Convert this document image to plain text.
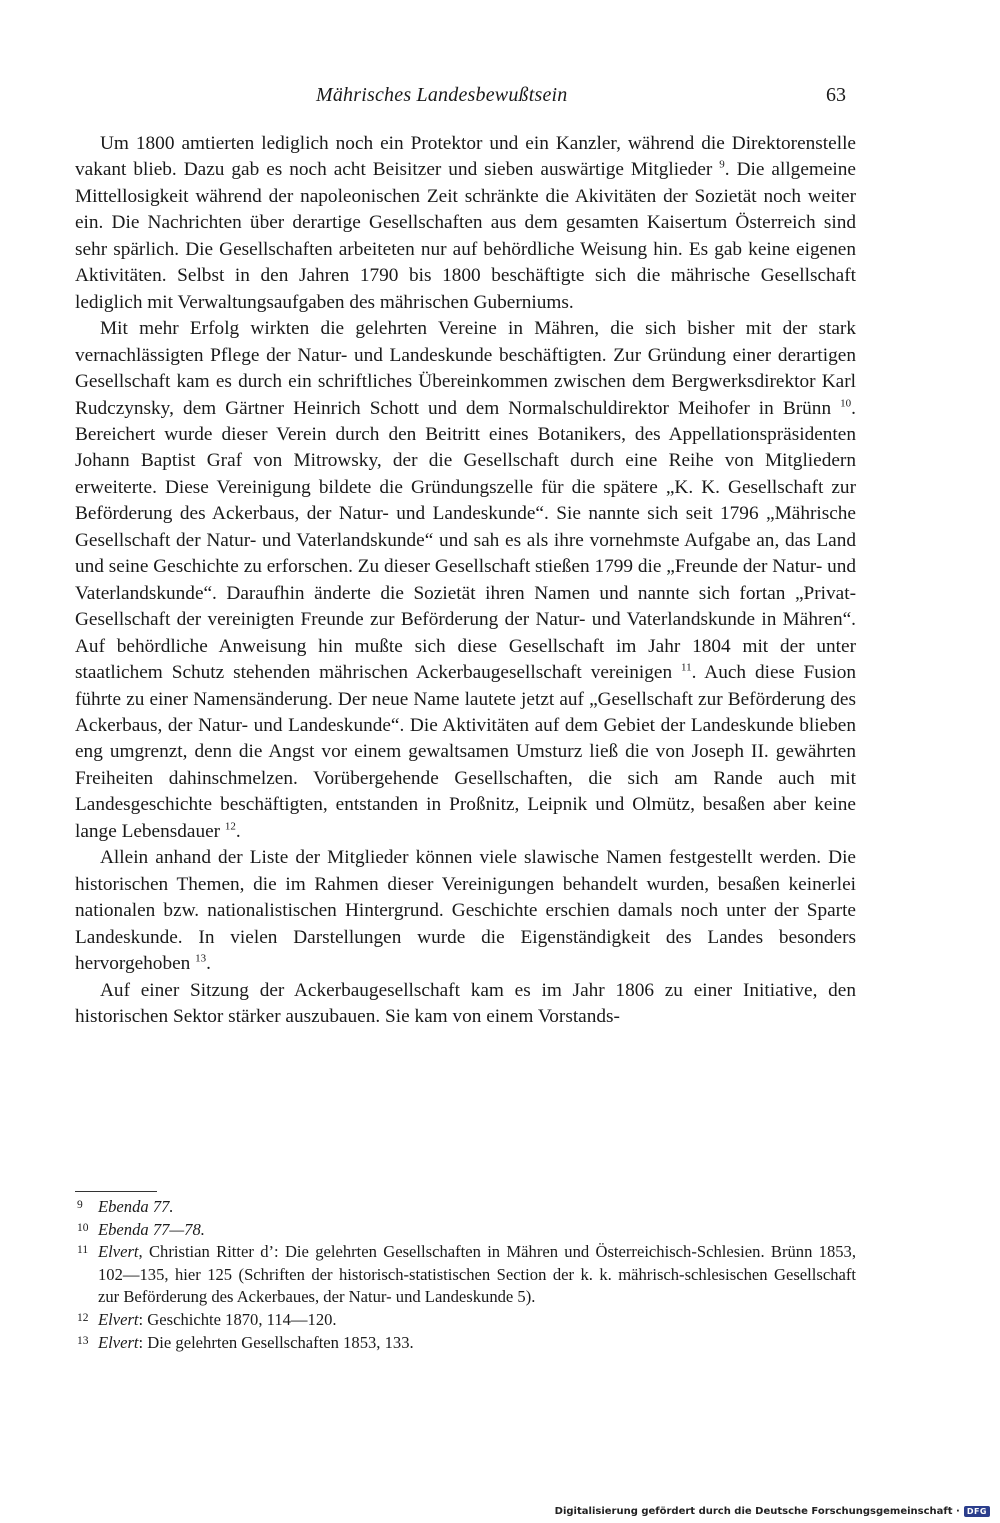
Mährisches Landesbewußtsein	63

Um 1800 amtierten lediglich noch ein Protektor und ein Kanzler, während die Direktorenstelle vakant blieb. Dazu gab es noch acht Beisitzer und sieben auswärtige Mitglieder $^9$. Die allgemeine Mittellosigkeit während der napoleonischen Zeit schränkte die Akivitäten der Sozietät noch weiter ein. Die Nachrichten über derartige Gesellschaften aus dem gesamten Kaisertum Österreich sind sehr spärlich. Die Gesellschaften arbeiteten nur auf behördliche Weisung hin. Es gab keine eigenen Aktivitäten. Selbst in den Jahren 1790 bis 1800 beschäftigte sich die mährische Gesellschaft lediglich mit Verwaltungsaufgaben des mährischen Guberniums.

Mit mehr Erfolg wirkten die gelehrten Vereine in Mähren, die sich bisher mit der stark vernachlässigten Pflege der Natur- und Landeskunde beschäftigten. Zur Gründung einer derartigen Gesellschaft kam es durch ein schriftliches Übereinkommen zwischen dem Bergwerksdirektor Karl Rudczynsky, dem Gärtner Heinrich Schott und dem Normalschuldirektor Meihofer in Brünn $^{10}$. Bereichert wurde dieser Verein durch den Beitritt eines Botanikers, des Appellationspräsidenten Johann Baptist Graf von Mitrowsky, der die Gesellschaft durch eine Reihe von Mitgliedern erweiterte. Diese Vereinigung bildete die Gründungszelle für die spätere „K. K. Gesellschaft zur Beförderung des Ackerbaus, der Natur- und Landeskunde“. Sie nannte sich seit 1796 „Mährische Gesellschaft der Natur- und Vaterlandskunde“ und sah es als ihre vornehmste Aufgabe an, das Land und seine Geschichte zu erforschen. Zu dieser Gesellschaft stießen 1799 die „Freunde der Natur- und Vaterlandskunde“. Daraufhin änderte die Sozietät ihren Namen und nannte sich fortan „Privat-Gesellschaft der vereinigten Freunde zur Beförderung der Natur- und Vaterlandskunde in Mähren“. Auf behördliche Anweisung hin mußte sich diese Gesellschaft im Jahr 1804 mit der unter staatlichem Schutz stehenden mährischen Ackerbaugesellschaft vereinigen $^{11}$. Auch diese Fusion führte zu einer Namensänderung. Der neue Name lautete jetzt auf „Gesellschaft zur Beförderung des Ackerbaus, der Natur- und Landeskunde“. Die Aktivitäten auf dem Gebiet der Landeskunde blieben eng umgrenzt, denn die Angst vor einem gewaltsamen Umsturz ließ die von Joseph II. gewährten Freiheiten dahinschmelzen. Vorübergehende Gesellschaften, die sich am Rande auch mit Landesgeschichte beschäftigten, entstanden in Proßnitz, Leipnik und Olmütz, besaßen aber keine lange Lebensdauer $^{12}$.

Allein anhand der Liste der Mitglieder können viele slawische Namen festgestellt werden. Die historischen Themen, die im Rahmen dieser Vereinigungen behandelt wurden, besaßen keinerlei nationalen bzw. nationalistischen Hintergrund. Geschichte erschien damals noch unter der Sparte Landeskunde. In vielen Darstellungen wurde die Eigenständigkeit des Landes besonders hervorgehoben $^{13}$.

Auf einer Sitzung der Ackerbaugesellschaft kam es im Jahr 1806 zu einer Initiative, den historischen Sektor stärker auszubauen. Sie kam von einem Vorstands-

9 Ebenda 77.
10 Ebenda 77—78.
11 Elvert, Christian Ritter d’: Die gelehrten Gesellschaften in Mähren und Österreichisch-Schlesien. Brünn 1853, 102—135, hier 125 (Schriften der historisch-statistischen Section der k. k. mährisch-schlesischen Gesellschaft zur Beförderung des Ackerbaues, der Natur- und Landeskunde 5).
12 Elvert: Geschichte 1870, 114—120.
13 Elvert: Die gelehrten Gesellschaften 1853, 133.
Digitalisierung gefördert durch die Deutsche Forschungsgemeinschaft · DFG
